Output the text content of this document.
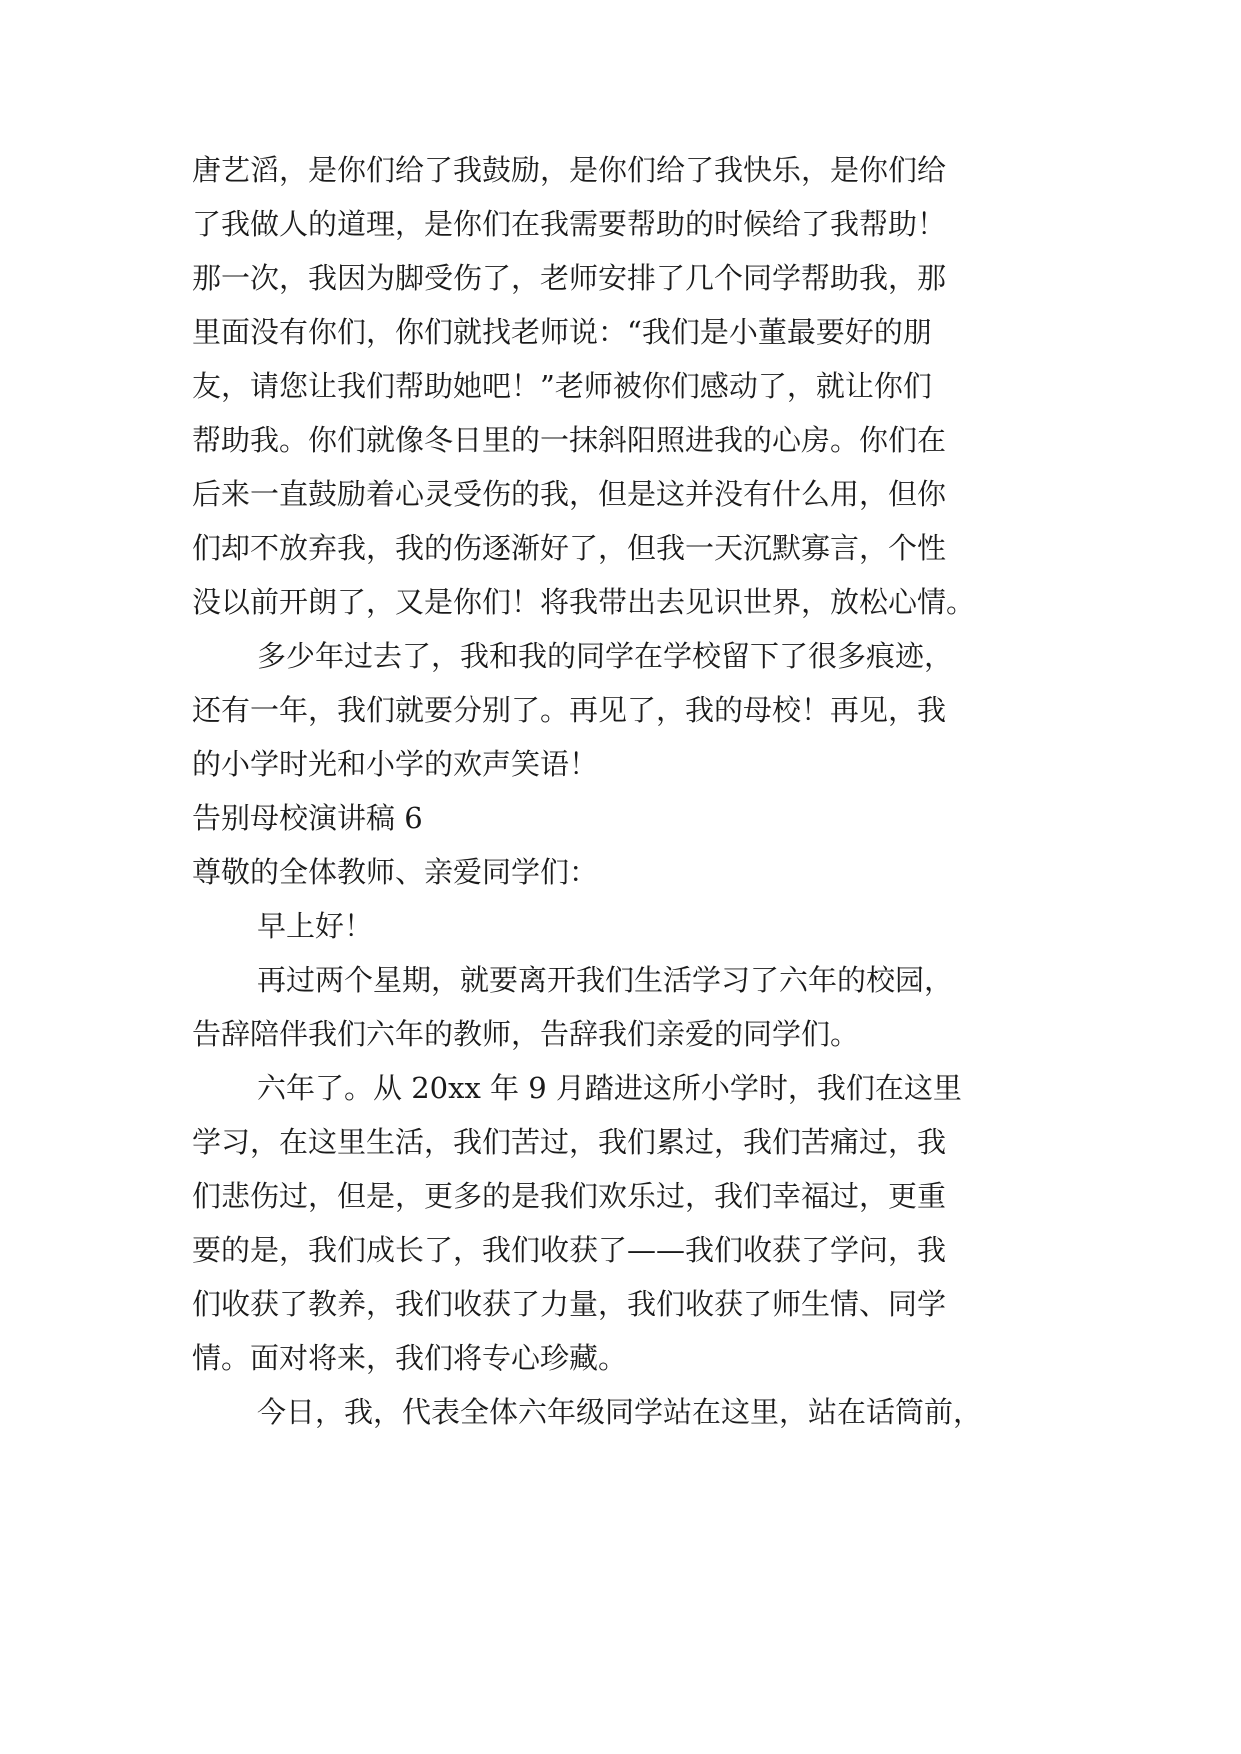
唐艺滔，是你们给了我鼓励，是你们给了我快乐，是你们给
了我做人的道理，是你们在我需要帮助的时候给了我帮助！
那一次，我因为脚受伤了，老师安排了几个同学帮助我，那
里面没有你们，你们就找老师说：“我们是小董最要好的朋
友，请您让我们帮助她吧！”老师被你们感动了，就让你们
帮助我。你们就像冬日里的一抹斜阳照进我的心房。你们在
后来一直鼓励着心灵受伤的我，但是这并没有什么用，但你
们却不放弃我，我的伤逐渐好了，但我一天沉默寡言，个性
没以前开朗了，又是你们！将我带出去见识世界，放松心情。
多少年过去了，我和我的同学在学校留下了很多痕迹，
还有一年，我们就要分别了。再见了，我的母校！再见，我
的小学时光和小学的欢声笑语！
告别母校演讲稿 6
尊敬的全体教师、亲爱同学们：
早上好！
再过两个星期，就要离开我们生活学习了六年的校园，
告辞陪伴我们六年的教师，告辞我们亲爱的同学们。
六年了。从 20xx 年 9 月踏进这所小学时，我们在这里
学习，在这里生活，我们苦过，我们累过，我们苦痛过，我
们悲伤过，但是，更多的是我们欢乐过，我们幸福过，更重
要的是，我们成长了，我们收获了——我们收获了学问，我
们收获了教养，我们收获了力量，我们收获了师生情、同学
情。面对将来，我们将专心珍藏。
今日，我，代表全体六年级同学站在这里，站在话筒前，
